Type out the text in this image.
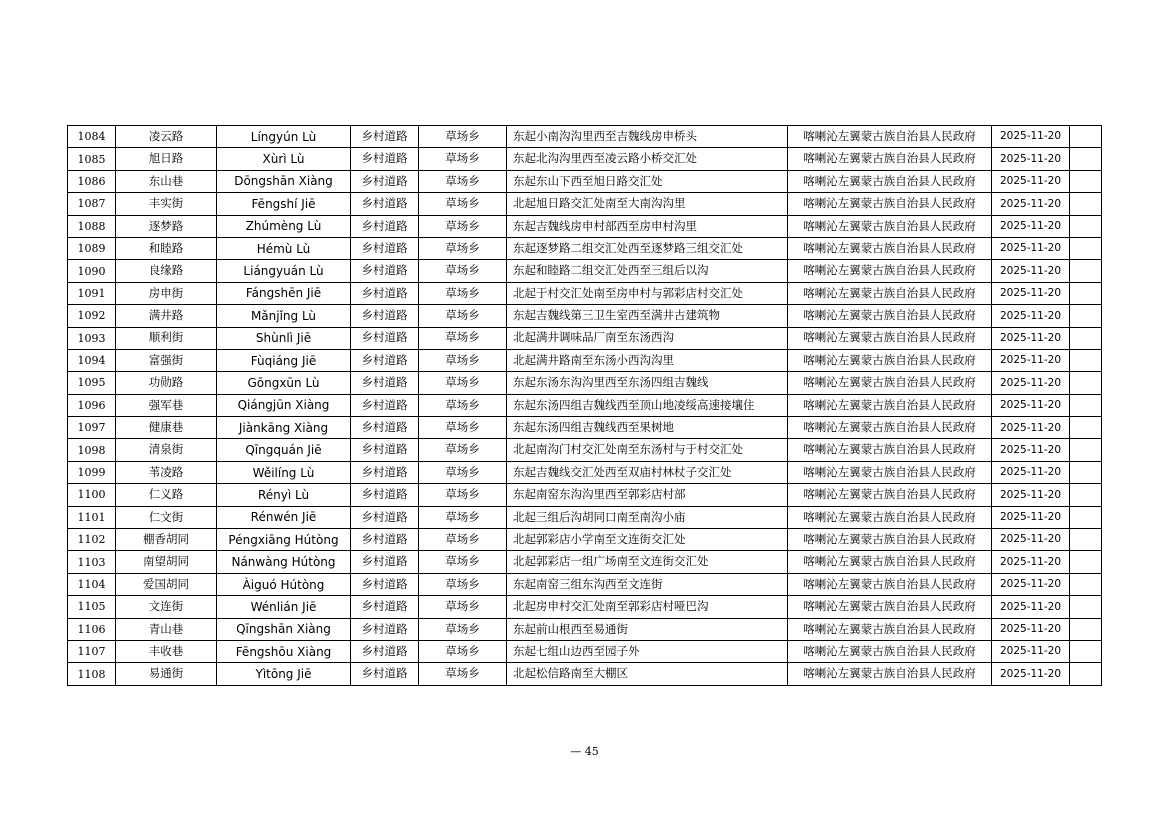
1084	凌云路	Língyún Lù	乡村道路	草场乡	东起小南沟沟里西至吉魏线房申桥头	喀喇沁左翼蒙古族自治县人民政府	2025-11-20	
1085	旭日路	Xùrì Lù	乡村道路	草场乡	东起北沟沟里西至凌云路小桥交汇处	喀喇沁左翼蒙古族自治县人民政府	2025-11-20	
1086	东山巷	Dōngshān Xiàng	乡村道路	草场乡	东起东山下西至旭日路交汇处	喀喇沁左翼蒙古族自治县人民政府	2025-11-20	
1087	丰实街	Fēngshí Jiē	乡村道路	草场乡	北起旭日路交汇处南至大南沟沟里	喀喇沁左翼蒙古族自治县人民政府	2025-11-20	
1088	逐梦路	Zhúmèng Lù	乡村道路	草场乡	东起吉魏线房申村部西至房申村沟里	喀喇沁左翼蒙古族自治县人民政府	2025-11-20	
1089	和睦路	Hémù Lù	乡村道路	草场乡	东起逐梦路二组交汇处西至逐梦路三组交汇处	喀喇沁左翼蒙古族自治县人民政府	2025-11-20	
1090	良缘路	Liángyuán Lù	乡村道路	草场乡	东起和睦路二组交汇处西至三组后以沟	喀喇沁左翼蒙古族自治县人民政府	2025-11-20	
1091	房申街	Fángshēn Jiē	乡村道路	草场乡	北起于村交汇处南至房申村与郭彩店村交汇处	喀喇沁左翼蒙古族自治县人民政府	2025-11-20	
1092	满井路	Mǎnjǐng Lù	乡村道路	草场乡	东起吉魏线第三卫生室西至满井古建筑物	喀喇沁左翼蒙古族自治县人民政府	2025-11-20	
1093	顺利街	Shùnlì Jiē	乡村道路	草场乡	北起满井调味品厂南至东汤西沟	喀喇沁左翼蒙古族自治县人民政府	2025-11-20	
1094	富强街	Fùqiáng Jiē	乡村道路	草场乡	北起满井路南至东汤小西沟沟里	喀喇沁左翼蒙古族自治县人民政府	2025-11-20	
1095	功勋路	Gōngxūn Lù	乡村道路	草场乡	东起东汤东沟沟里西至东汤四组吉魏线	喀喇沁左翼蒙古族自治县人民政府	2025-11-20	
1096	强军巷	Qiángjūn Xiàng	乡村道路	草场乡	东起东汤四组吉魏线西至顶山地凌绥高速接壤住	喀喇沁左翼蒙古族自治县人民政府	2025-11-20	
1097	健康巷	Jiànkāng Xiàng	乡村道路	草场乡	东起东汤四组吉魏线西至果树地	喀喇沁左翼蒙古族自治县人民政府	2025-11-20	
1098	清泉街	Qīngquán Jiē	乡村道路	草场乡	北起南沟门村交汇处南至东汤村与于村交汇处	喀喇沁左翼蒙古族自治县人民政府	2025-11-20	
1099	苇凌路	Wěilíng Lù	乡村道路	草场乡	东起吉魏线交汇处西至双庙村林杖子交汇处	喀喇沁左翼蒙古族自治县人民政府	2025-11-20	
1100	仁义路	Rényì Lù	乡村道路	草场乡	东起南窑东沟沟里西至郭彩店村部	喀喇沁左翼蒙古族自治县人民政府	2025-11-20	
1101	仁文街	Rénwén Jiē	乡村道路	草场乡	北起三组后沟胡同口南至南沟小庙	喀喇沁左翼蒙古族自治县人民政府	2025-11-20	
1102	棚香胡同	Péngxiāng Hútòng	乡村道路	草场乡	北起郭彩店小学南至文连街交汇处	喀喇沁左翼蒙古族自治县人民政府	2025-11-20	
1103	南望胡同	Nánwàng Hútòng	乡村道路	草场乡	北起郭彩店一组广场南至文连街交汇处	喀喇沁左翼蒙古族自治县人民政府	2025-11-20	
1104	爱国胡同	Àiguó Hútòng	乡村道路	草场乡	东起南窑三组东沟西至文连街	喀喇沁左翼蒙古族自治县人民政府	2025-11-20	
1105	文连街	Wénlián Jiē	乡村道路	草场乡	北起房申村交汇处南至郭彩店村哑巴沟	喀喇沁左翼蒙古族自治县人民政府	2025-11-20	
1106	青山巷	Qīngshān Xiàng	乡村道路	草场乡	东起前山根西至易通街	喀喇沁左翼蒙古族自治县人民政府	2025-11-20	
1107	丰收巷	Fēngshōu Xiàng	乡村道路	草场乡	东起七组山边西至园子外	喀喇沁左翼蒙古族自治县人民政府	2025-11-20	
1108	易通街	Yìtōng Jiē	乡村道路	草场乡	北起松信路南至大棚区	喀喇沁左翼蒙古族自治县人民政府	2025-11-20	
— 45
